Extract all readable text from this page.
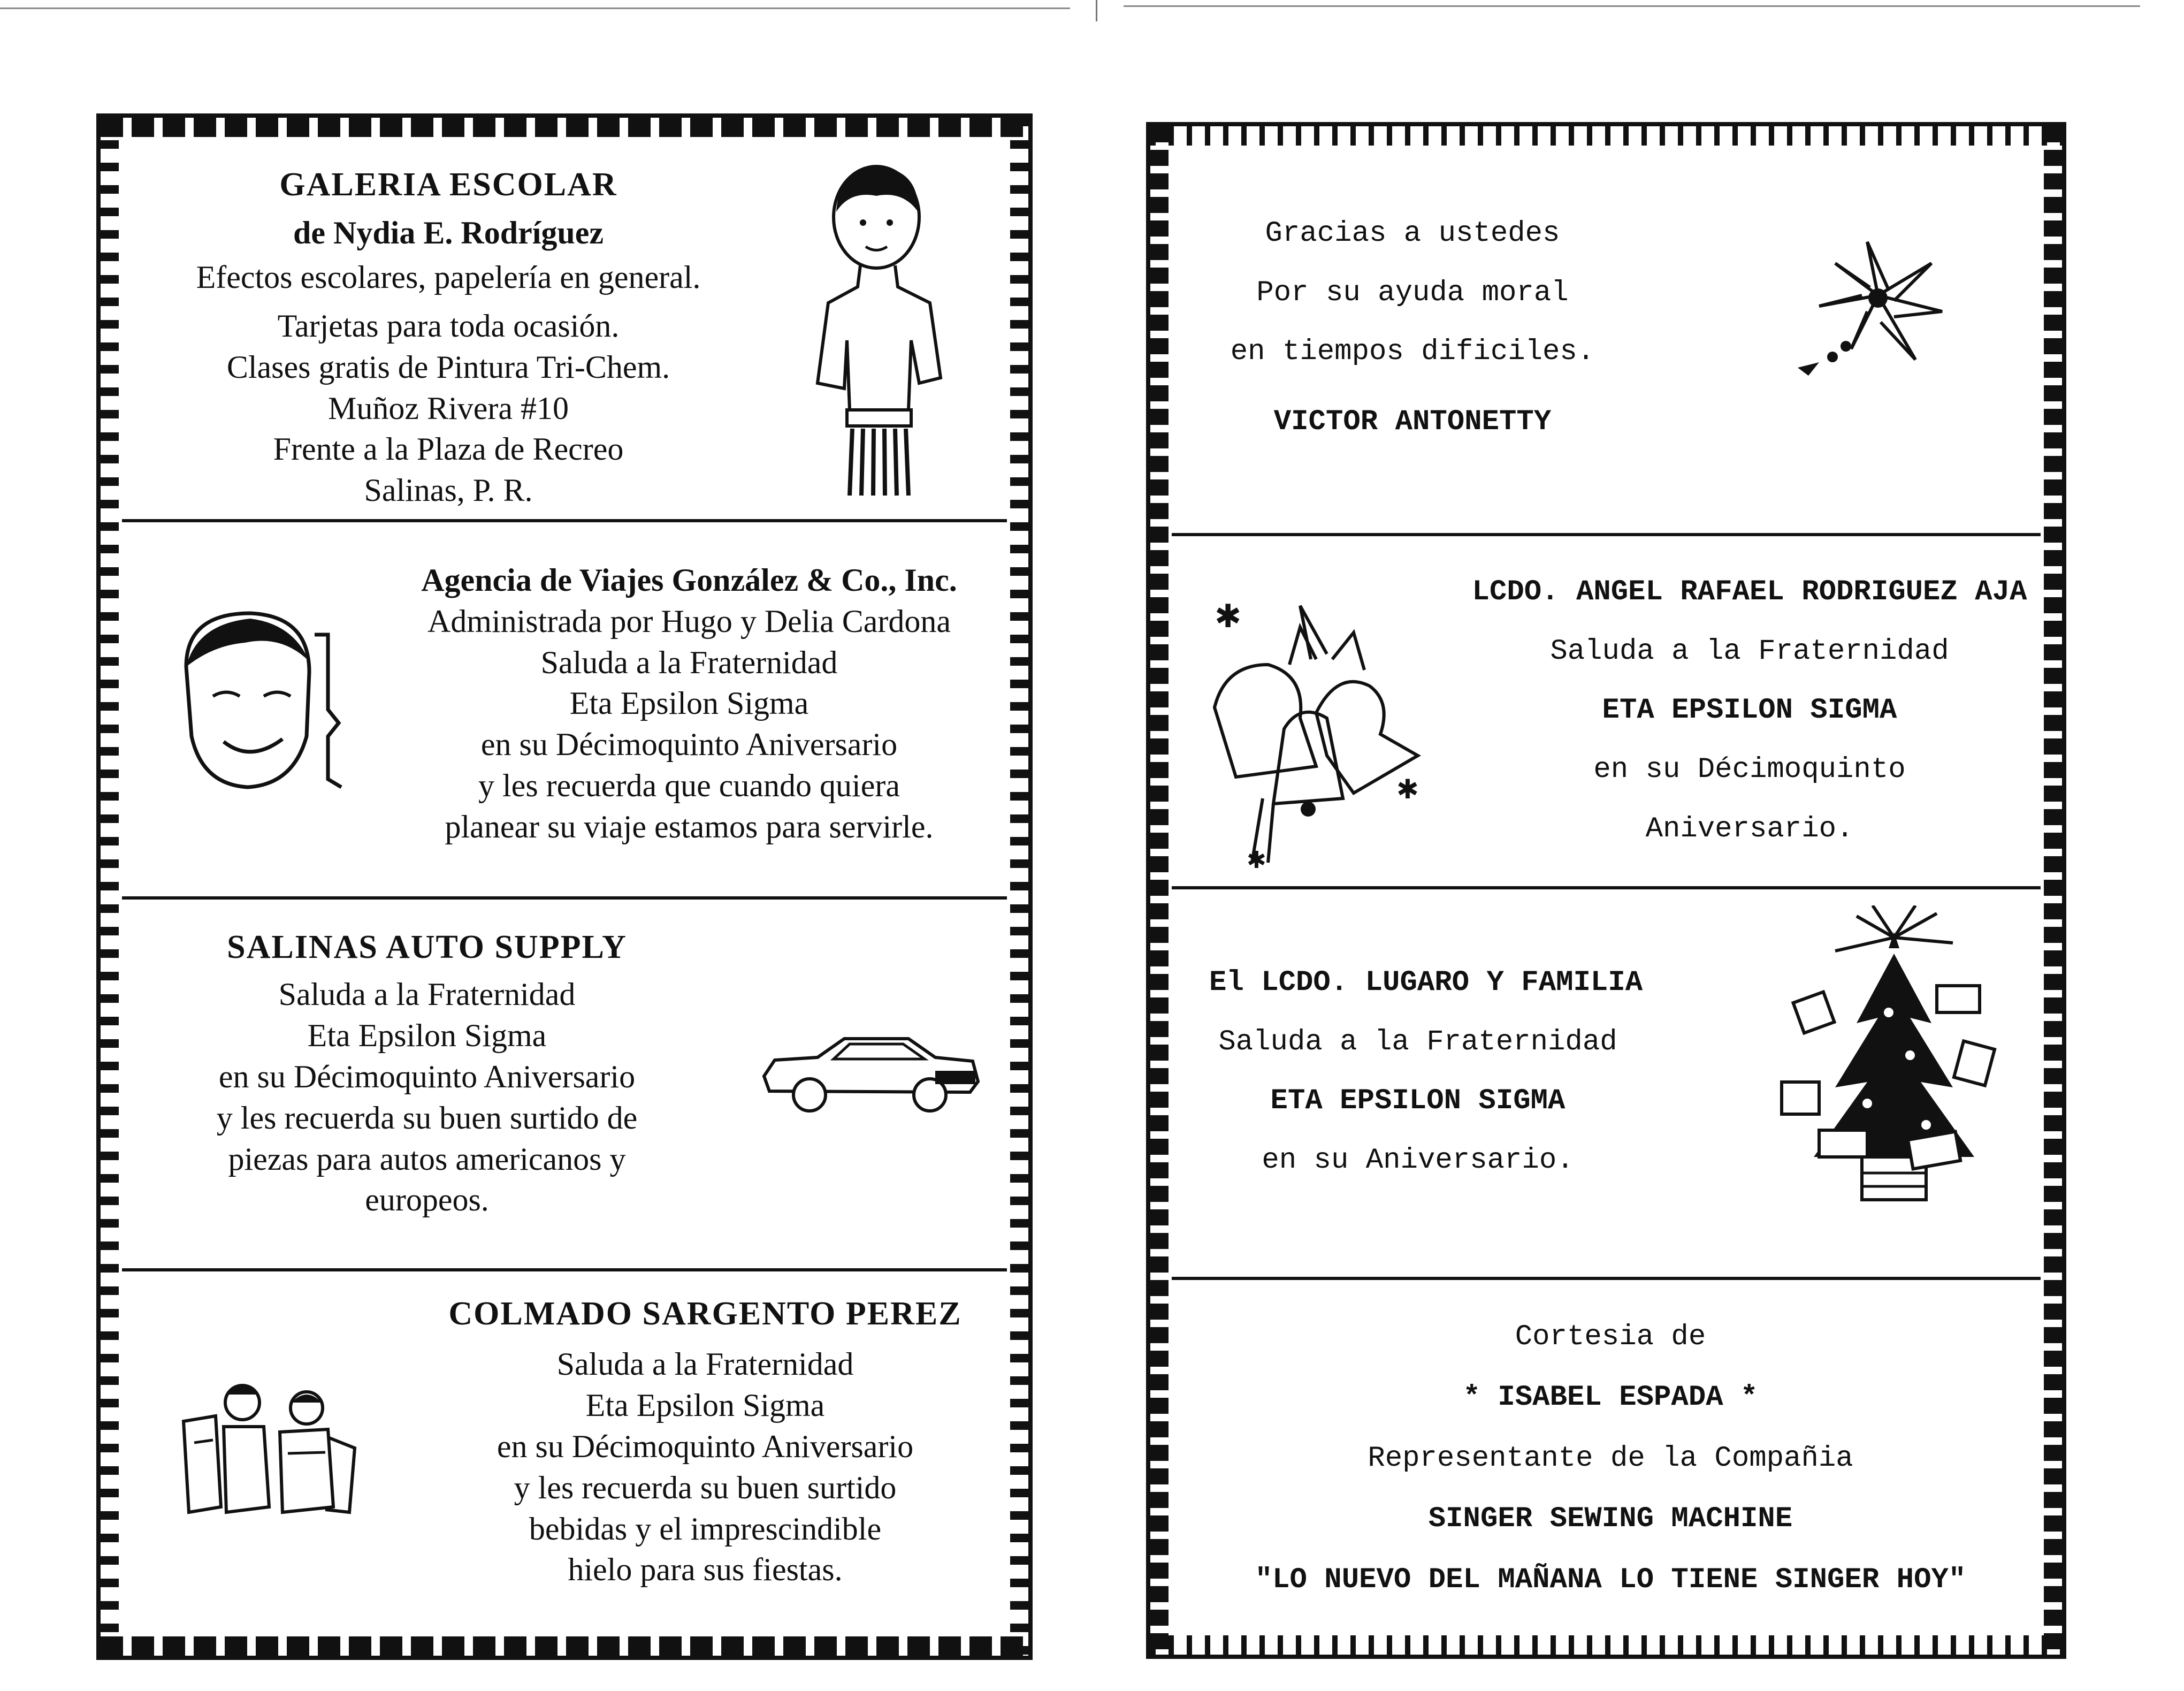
GALERIA ESCOLAR
de Nydia E. Rodríguez
Efectos escolares, papelería en general.
Tarjetas para toda ocasión.
Clases gratis de Pintura Tri-Chem.
Muñoz Rivera #10
Frente a la Plaza de Recreo
Salinas, P. R.
Agencia de Viajes González & Co., Inc.
Administrada por Hugo y Delia Cardona
Saluda a la Fraternidad
Eta Epsilon Sigma
en su Décimoquinto Aniversario
y les recuerda que cuando quiera
planear su viaje estamos para servirle.
SALINAS AUTO SUPPLY
Saluda a la Fraternidad
Eta Epsilon Sigma
en su Décimoquinto Aniversario
y les recuerda su buen surtido de
piezas para autos americanos y
europeos.
COLMADO SARGENTO PEREZ
Saluda a la Fraternidad
Eta Epsilon Sigma
en su Décimoquinto Aniversario
y les recuerda su buen surtido
bebidas y el imprescindible
hielo para sus fiestas.
Gracias a ustedes
Por su ayuda moral
en tiempos dificiles.
VICTOR ANTONETTY
✱
✱
✱
LCDO. ANGEL RAFAEL RODRIGUEZ AJA
Saluda a la Fraternidad
ETA EPSILON SIGMA
en su Décimoquinto
Aniversario.
El LCDO. LUGARO Y FAMILIA
Saluda a la Fraternidad
ETA EPSILON SIGMA
en su Aniversario.
Cortesia de
* ISABEL ESPADA *
Representante de la Compañia
SINGER SEWING MACHINE
"LO NUEVO DEL MAÑANA LO TIENE SINGER HOY"
